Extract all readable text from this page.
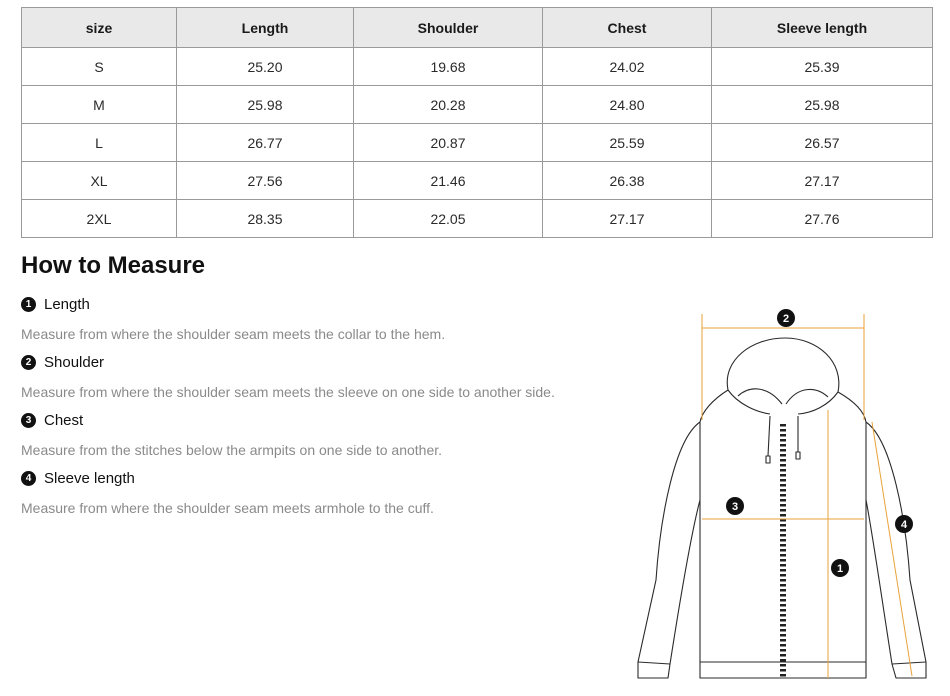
size	Length	Shoulder	Chest	Sleeve length
S	25.20	19.68	24.02	25.39
M	25.98	20.28	24.80	25.98
L	26.77	20.87	25.59	26.57
XL	27.56	21.46	26.38	27.17
2XL	28.35	22.05	27.17	27.76
How to Measure
1 Length
Measure from where the shoulder seam meets the collar to the hem.
2 Shoulder
Measure from where the shoulder seam meets the sleeve on one side to another side.
3 Chest
Measure from the stitches below the armpits on one side to another.
4 Sleeve length
Measure from where the shoulder seam meets armhole to the cuff.
2
3
1
4
